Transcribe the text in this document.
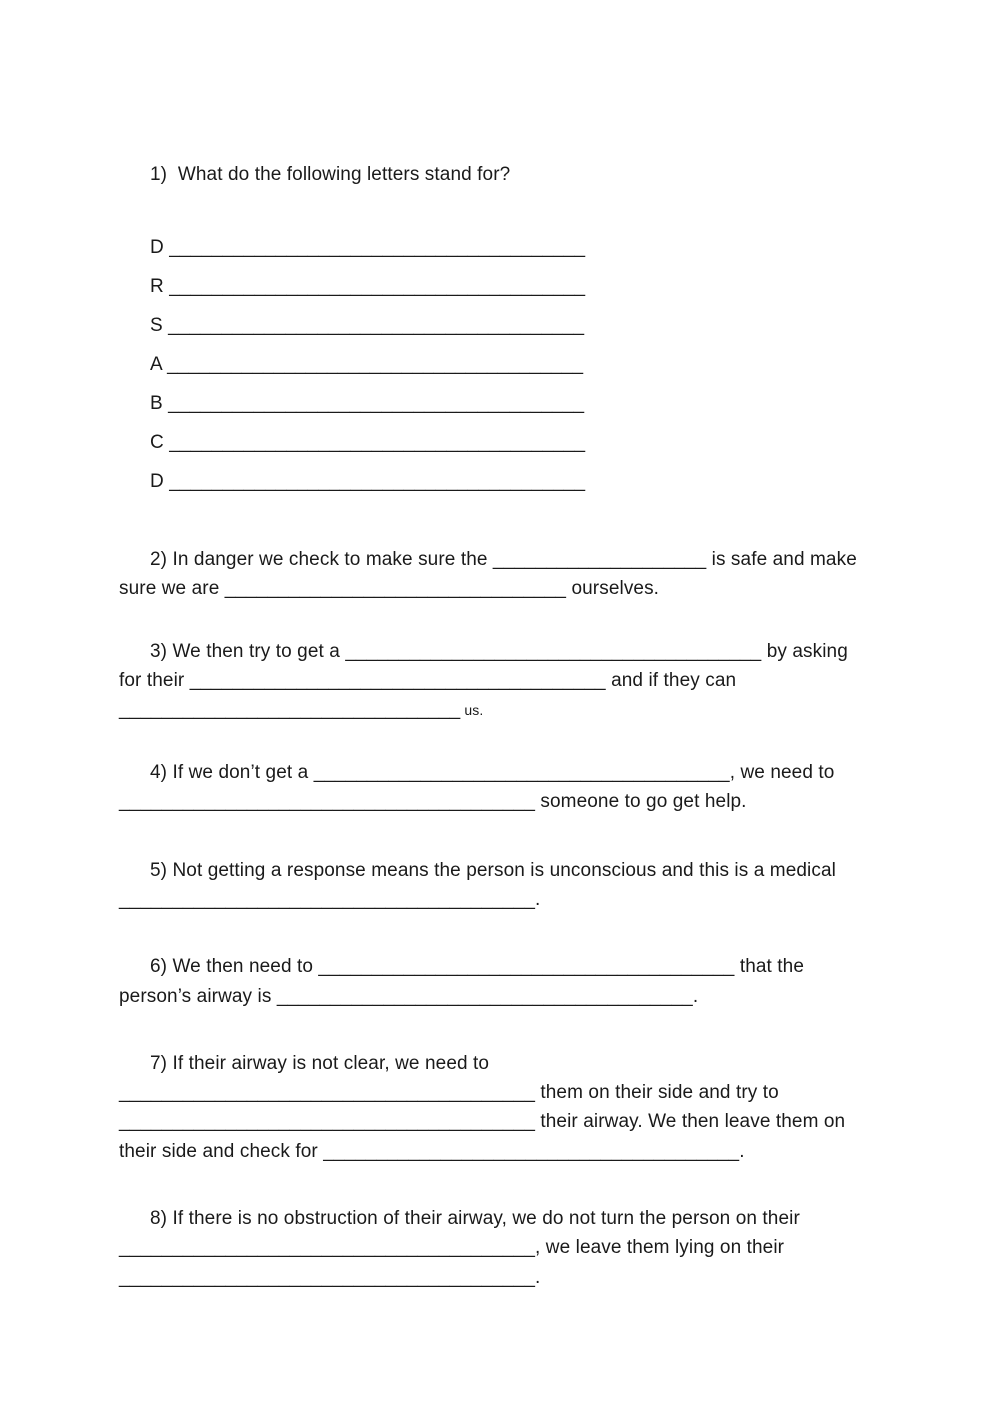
1)  What do the following letters stand for?
D _______________________________________
R _______________________________________
S _______________________________________
A _______________________________________
B _______________________________________
C _______________________________________
D _______________________________________
2) In danger we check to make sure the ____________________ is safe and make
sure we are ________________________________ ourselves.
3) We then try to get a _______________________________________ by asking
for their _______________________________________ and if they can
________________________________ us.
4) If we don’t get a _______________________________________, we need to
_______________________________________ someone to go get help.
5) Not getting a response means the person is unconscious and this is a medical
_______________________________________.
6) We then need to _______________________________________ that the
person’s airway is _______________________________________.
7) If their airway is not clear, we need to
_______________________________________ them on their side and try to
_______________________________________ their airway. We then leave them on
their side and check for _______________________________________.
8) If there is no obstruction of their airway, we do not turn the person on their
_______________________________________, we leave them lying on their
_______________________________________.
